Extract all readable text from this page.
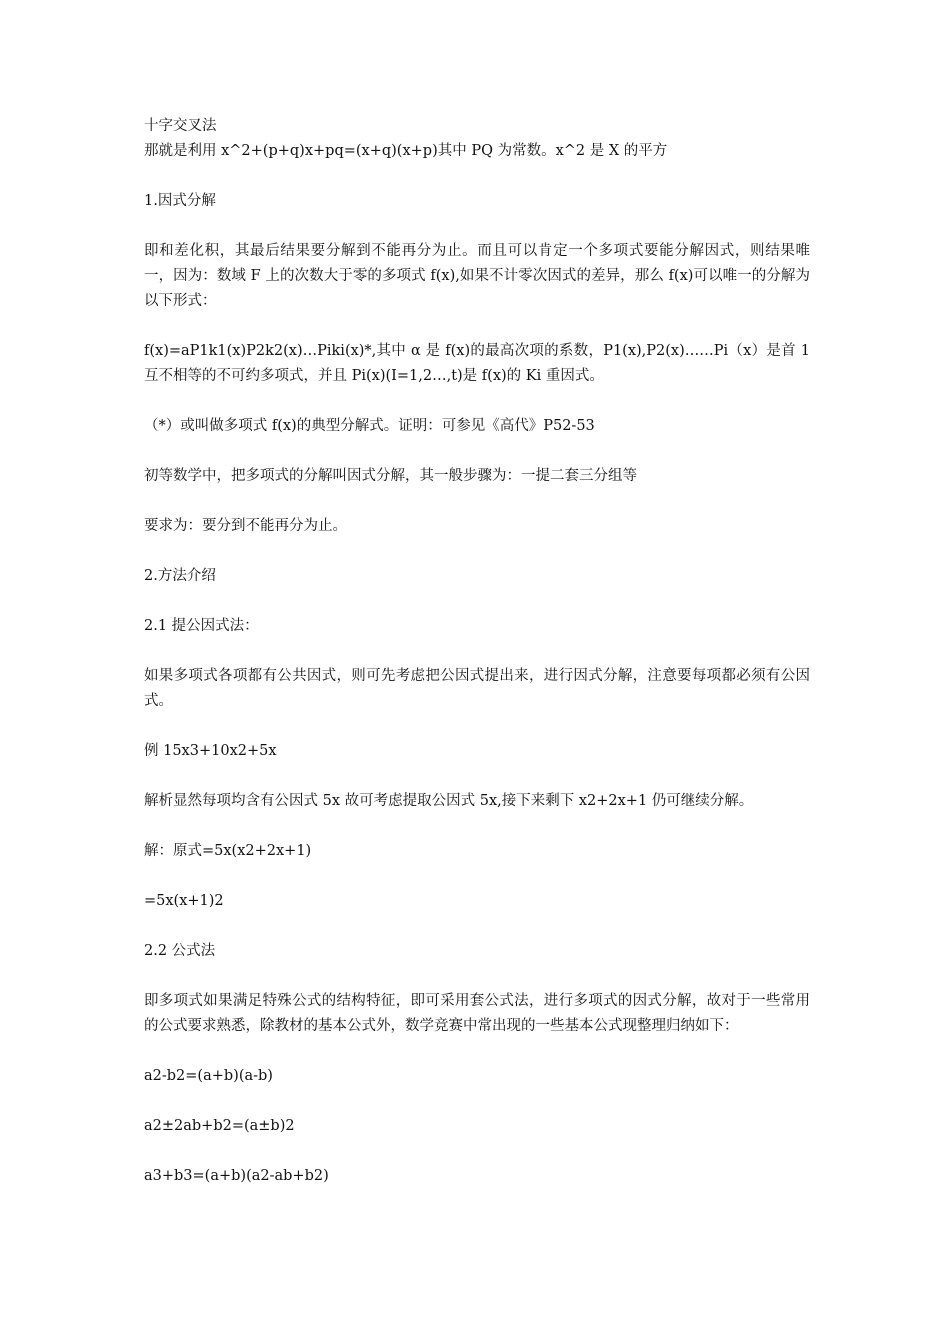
十字交叉法

那就是利用 x^2+(p+q)x+pq=(x+q)(x+p)其中 PQ 为常数。x^2 是 X 的平方

1.因式分解

即和差化积，其最后结果要分解到不能再分为止。而且可以肯定一个多项式要能分解因式，则结果唯一，因为：数域 F 上的次数大于零的多项式 f(x),如果不计零次因式的差异，那么 f(x)可以唯一的分解为以下形式：

f(x)=aP1k1(x)P2k2(x)…Piki(x)*,其中 α 是 f(x)的最高次项的系数，P1(x),P2(x)……Pi（x）是首 1 互不相等的不可约多项式，并且 Pi(x)(I=1,2…,t)是 f(x)的 Ki 重因式。

（*）或叫做多项式 f(x)的典型分解式。证明：可参见《高代》P52-53

初等数学中，把多项式的分解叫因式分解，其一般步骤为：一提二套三分组等

要求为：要分到不能再分为止。

2.方法介绍

2.1 提公因式法：

如果多项式各项都有公共因式，则可先考虑把公因式提出来，进行因式分解，注意要每项都必须有公因式。

例 15x3+10x2+5x

解析显然每项均含有公因式 5x 故可考虑提取公因式 5x,接下来剩下 x2+2x+1 仍可继续分解。

解：原式=5x(x2+2x+1)

=5x(x+1)2

2.2 公式法

即多项式如果满足特殊公式的结构特征，即可采用套公式法，进行多项式的因式分解，故对于一些常用的公式要求熟悉，除教材的基本公式外，数学竞赛中常出现的一些基本公式现整理归纳如下：

a2-b2=(a+b)(a-b)

a2±2ab+b2=(a±b)2

a3+b3=(a+b)(a2-ab+b2)
